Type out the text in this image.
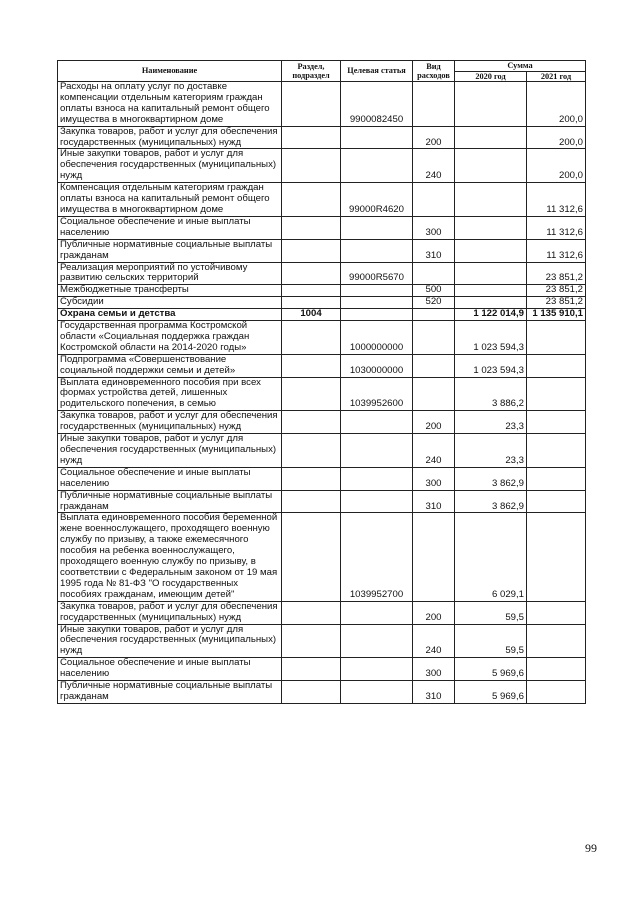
Наименование	Раздел, подраздел	Целевая статья	Вид расходов	Сумма	
				2020 год	2021 год
Расходы на оплату услуг по доставке компенсации отдельным категориям граждан оплаты взноса на капитальный ремонт общего имущества в многоквартирном доме		9900082450			200,0
Закупка товаров, работ и услуг для обеспечения государственных (муниципальных) нужд			200		200,0
Иные закупки товаров, работ и услуг для обеспечения государственных (муниципальных) нужд			240		200,0
Компенсация отдельным категориям граждан оплаты взноса на капитальный ремонт общего имущества в многоквартирном доме		99000R4620			11 312,6
Социальное обеспечение и иные выплаты населению			300		11 312,6
Публичные нормативные социальные выплаты гражданам			310		11 312,6
Реализация мероприятий по устойчивому развитию сельских территорий		99000R5670			23 851,2
Межбюджетные трансферты			500		23 851,2
Субсидии			520		23 851,2
Охрана семьи и детства	1004			1 122 014,9	1 135 910,1
Государственная программа Костромской области «Социальная поддержка граждан Костромской области на 2014-2020 годы»		1000000000		1 023 594,3	
Подпрограмма «Совершенствование социальной поддержки семьи и детей»		1030000000		1 023 594,3	
Выплата единовременного пособия при всех формах устройства детей, лишенных родительского попечения, в семью		1039952600		3 886,2	
Закупка товаров, работ и услуг для обеспечения государственных (муниципальных) нужд			200	23,3	
Иные закупки товаров, работ и услуг для обеспечения государственных (муниципальных) нужд			240	23,3	
Социальное обеспечение и иные выплаты населению			300	3 862,9	
Публичные нормативные социальные выплаты гражданам			310	3 862,9	
Выплата единовременного пособия беременной жене военнослужащего, проходящего военную службу по призыву, а также ежемесячного пособия на ребенка военнослужащего, проходящего военную службу по призыву, в соответствии с Федеральным законом от 19 мая 1995 года № 81-ФЗ "О государственных пособиях гражданам, имеющим детей"		1039952700		6 029,1	
Закупка товаров, работ и услуг для обеспечения государственных (муниципальных) нужд			200	59,5	
Иные закупки товаров, работ и услуг для обеспечения государственных (муниципальных) нужд			240	59,5	
Социальное обеспечение и иные выплаты населению			300	5 969,6	
Публичные нормативные социальные выплаты гражданам			310	5 969,6	
99
